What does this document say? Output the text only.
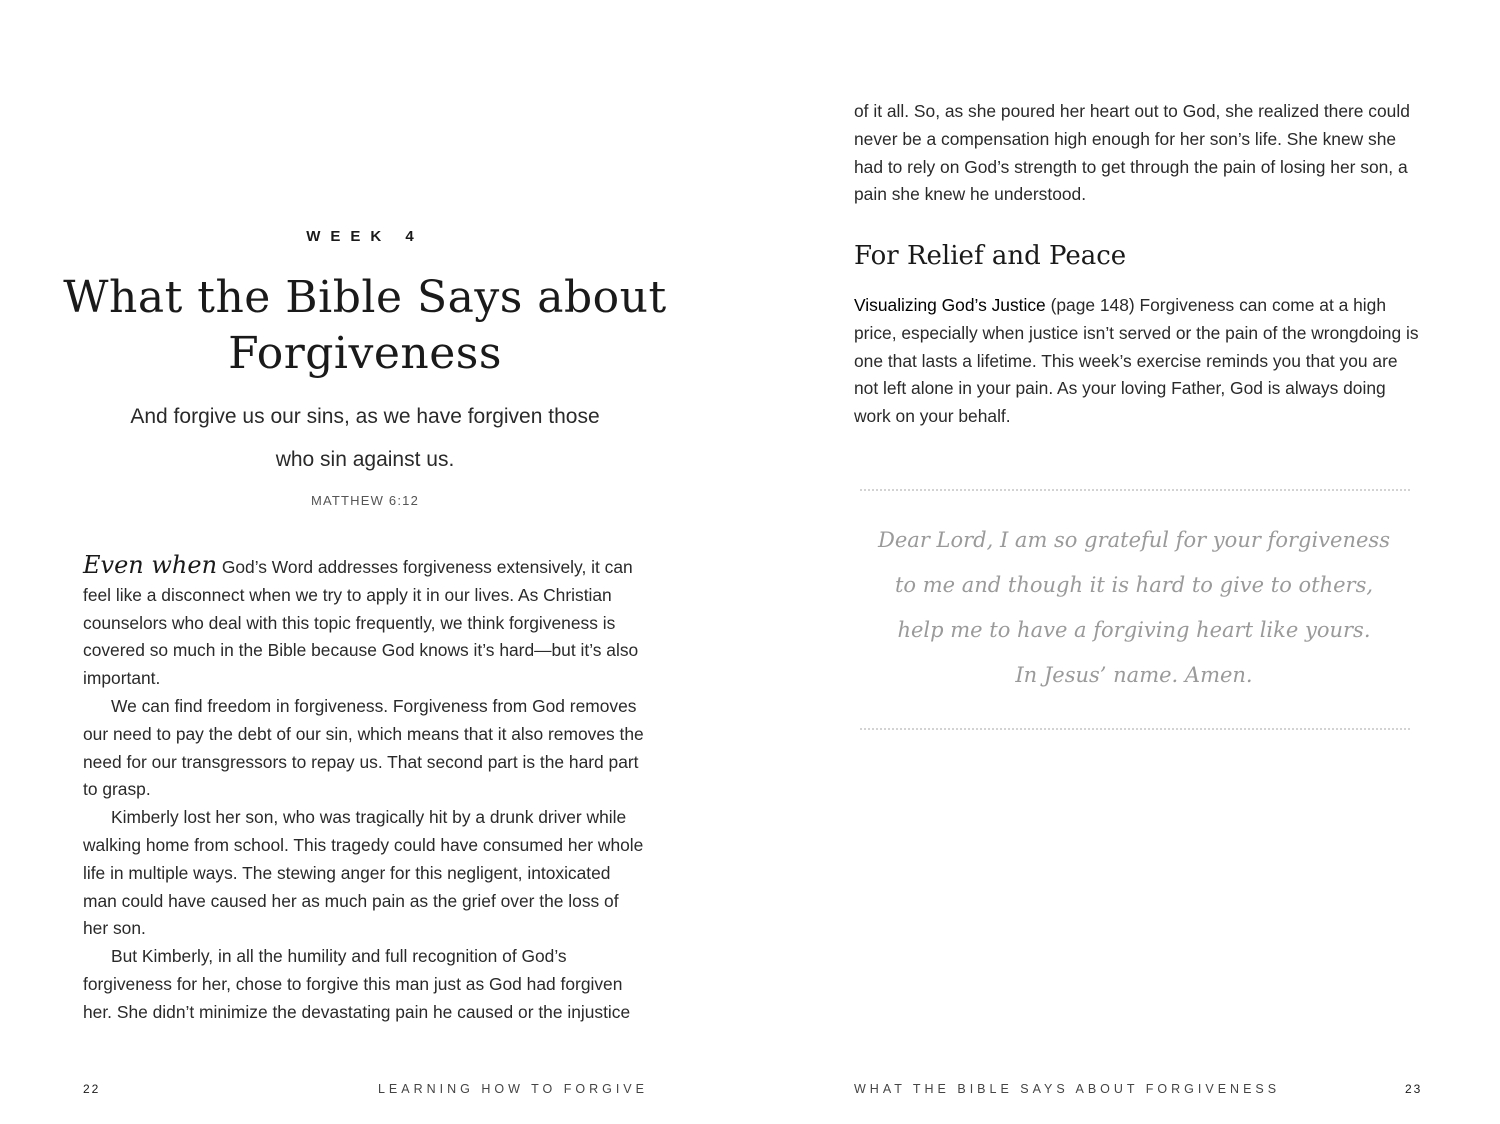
WEEK 4
What the Bible Says about
Forgiveness

And forgive us our sins, as we have forgiven those
who sin against us.

MATTHEW 6:12

Even when God’s Word addresses forgiveness extensively, it can feel like a disconnect when we try to apply it in our lives. As Christian counselors who deal with this topic frequently, we think forgiveness is covered so much in the Bible because God knows it’s hard—but it’s also important.

We can find freedom in forgiveness. Forgiveness from God removes our need to pay the debt of our sin, which means that it also removes the need for our transgressors to repay us. That second part is the hard part to grasp.

Kimberly lost her son, who was tragically hit by a drunk driver while walking home from school. This tragedy could have consumed her whole life in multiple ways. The stewing anger for this negligent, intoxicated man could have caused her as much pain as the grief over the loss of her son.

But Kimberly, in all the humility and full recognition of God’s forgiveness for her, chose to forgive this man just as God had forgiven her. She didn’t minimize the devastating pain he caused or the injustice

22	LEARNING HOW TO FORGIVE

of it all. So, as she poured her heart out to God, she realized there could never be a compensation high enough for her son’s life. She knew she had to rely on God’s strength to get through the pain of losing her son, a pain she knew he understood.

For Relief and Peace

Visualizing God’s Justice (page 148) Forgiveness can come at a high price, especially when justice isn’t served or the pain of the wrongdoing is one that lasts a lifetime. This week’s exercise reminds you that you are not left alone in your pain. As your loving Father, God is always doing work on your behalf.

Dear Lord, I am so grateful for your forgiveness
to me and though it is hard to give to others,
help me to have a forgiving heart like yours.
In Jesus’ name. Amen.

WHAT THE BIBLE SAYS ABOUT FORGIVENESS	23
